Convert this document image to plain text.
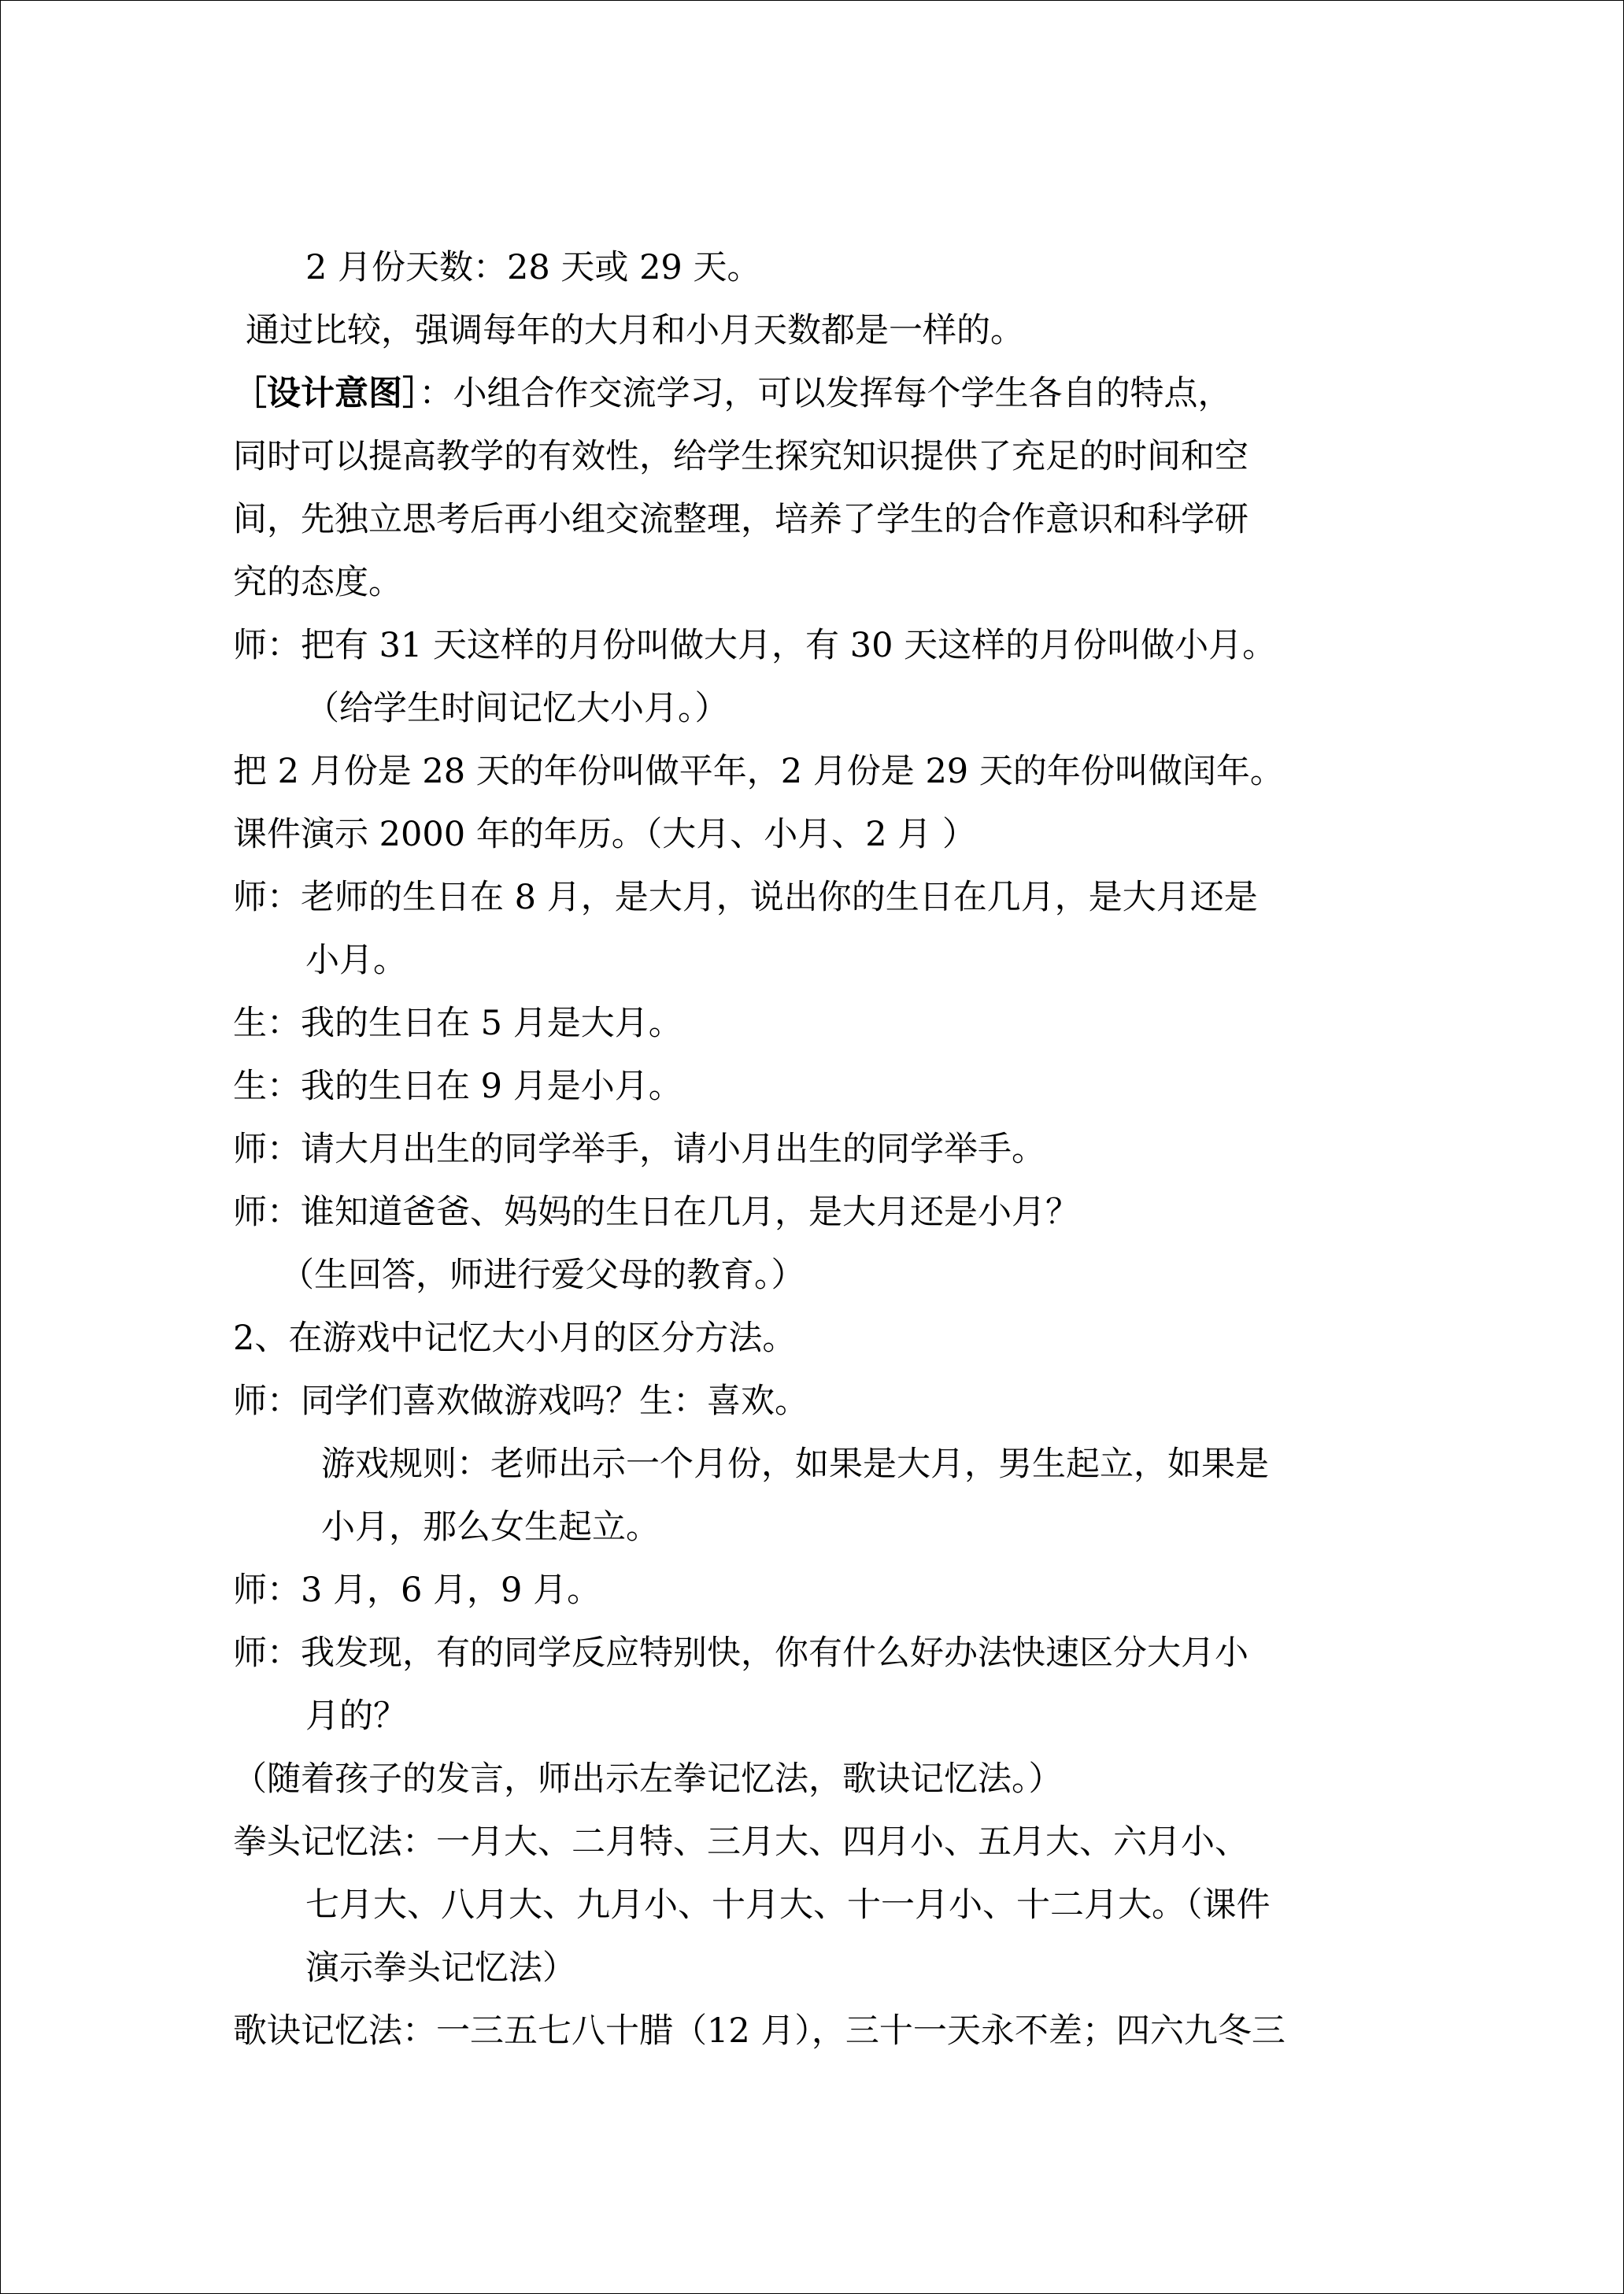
2 月份天数：28 天或 29 天。
通过比较，强调每年的大月和小月天数都是一样的。
［设计意图］：小组合作交流学习，可以发挥每个学生各自的特点，
同时可以提高教学的有效性，给学生探究知识提供了充足的时间和空
间，先独立思考后再小组交流整理，培养了学生的合作意识和科学研
究的态度。
师：把有 31 天这样的月份叫做大月，有 30 天这样的月份叫做小月。
（给学生时间记忆大小月。）
把 2 月份是 28 天的年份叫做平年，2 月份是 29 天的年份叫做闰年。
课件演示 2000 年的年历。（大月、小月、2 月 ）
师：老师的生日在 8 月，是大月，说出你的生日在几月，是大月还是
小月。
生：我的生日在 5 月是大月。
生：我的生日在 9 月是小月。
师：请大月出生的同学举手，请小月出生的同学举手。
师：谁知道爸爸、妈妈的生日在几月，是大月还是小月？
（生回答，师进行爱父母的教育。）
2、在游戏中记忆大小月的区分方法。
师：同学们喜欢做游戏吗？生：喜欢。
游戏规则：老师出示一个月份，如果是大月，男生起立，如果是
小月，那么女生起立。
师：3 月，6 月，9 月。
师：我发现，有的同学反应特别快，你有什么好办法快速区分大月小
月的？
（随着孩子的发言，师出示左拳记忆法，歌诀记忆法。）
拳头记忆法：一月大、二月特、三月大、四月小、五月大、六月小、
七月大、八月大、九月小、十月大、十一月小、十二月大。（课件
演示拳头记忆法）
歌诀记忆法：一三五七八十腊（12 月），三十一天永不差；四六九冬三
